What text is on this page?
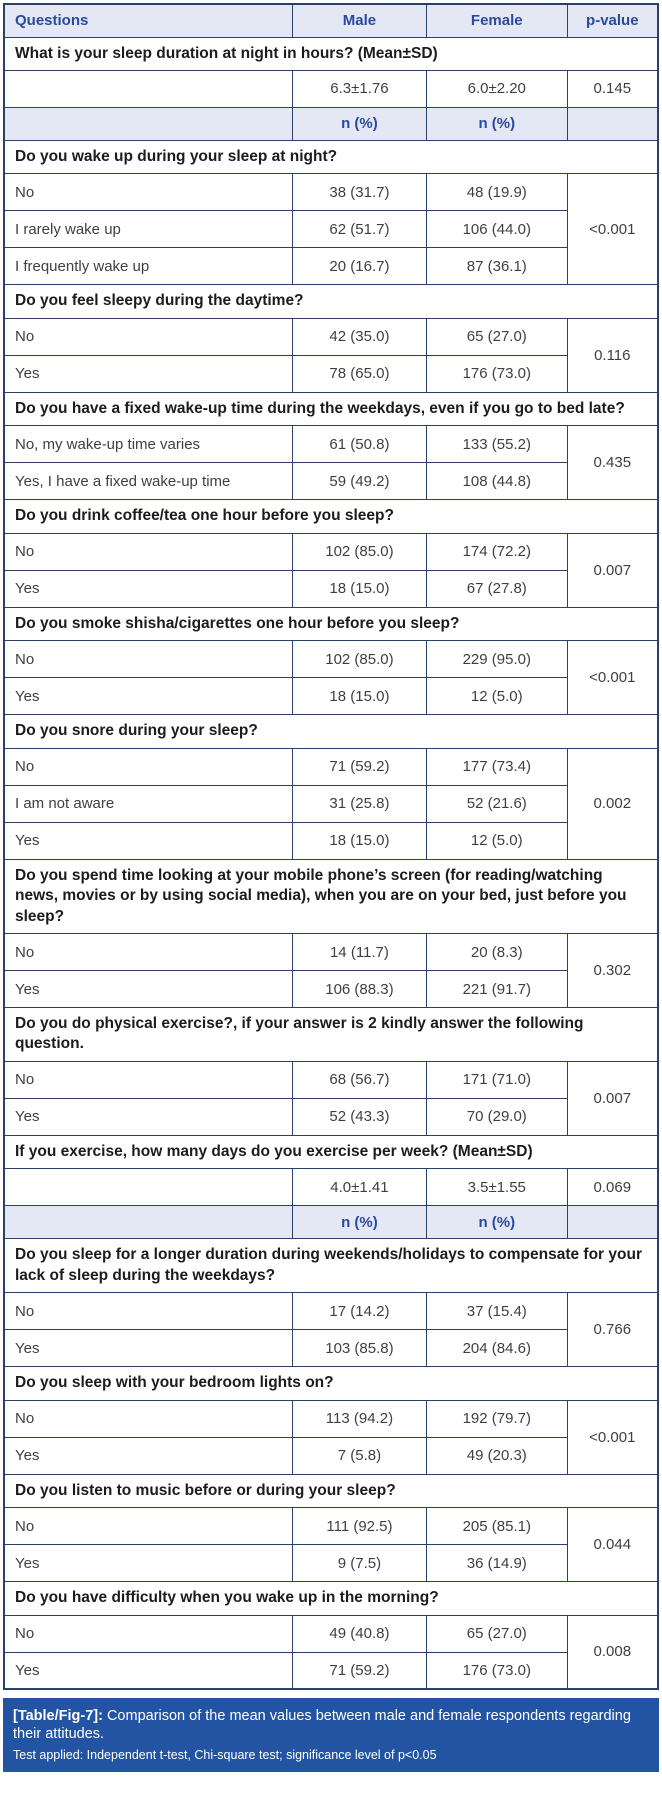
Questions	Male	Female	p-value
What is your sleep duration at night in hours? (Mean±SD)			
	6.3±1.76	6.0±2.20	0.145
	n (%)	n (%)	
Do you wake up during your sleep at night?			
No	38 (31.7)	48 (19.9)	<0.001
I rarely wake up	62 (51.7)	106 (44.0)	
I frequently wake up	20 (16.7)	87 (36.1)	
Do you feel sleepy during the daytime?			
No	42 (35.0)	65 (27.0)	0.116
Yes	78 (65.0)	176 (73.0)	
Do you have a fixed wake-up time during the weekdays, even if you go to bed late?			
No, my wake-up time varies	61 (50.8)	133 (55.2)	0.435
Yes, I have a fixed wake-up time	59 (49.2)	108 (44.8)	
Do you drink coffee/tea one hour before you sleep?			
No	102 (85.0)	174 (72.2)	0.007
Yes	18 (15.0)	67 (27.8)	
Do you smoke shisha/cigarettes one hour before you sleep?			
No	102 (85.0)	229 (95.0)	<0.001
Yes	18 (15.0)	12 (5.0)	
Do you snore during your sleep?			
No	71 (59.2)	177 (73.4)	0.002
I am not aware	31 (25.8)	52 (21.6)	
Yes	18 (15.0)	12 (5.0)	
Do you spend time looking at your mobile phone’s screen (for reading/watching news, movies or by using social media), when you are on your bed, just before you sleep?			
No	14 (11.7)	20 (8.3)	0.302
Yes	106 (88.3)	221 (91.7)	
Do you do physical exercise?, if your answer is 2 kindly answer the following question.			
No	68 (56.7)	171 (71.0)	0.007
Yes	52 (43.3)	70 (29.0)	
If you exercise, how many days do you exercise per week? (Mean±SD)			
	4.0±1.41	3.5±1.55	0.069
	n (%)	n (%)	
Do you sleep for a longer duration during weekends/holidays to compensate for your lack of sleep during the weekdays?			
No	17 (14.2)	37 (15.4)	0.766
Yes	103 (85.8)	204 (84.6)	
Do you sleep with your bedroom lights on?			
No	113 (94.2)	192 (79.7)	<0.001
Yes	7 (5.8)	49 (20.3)	
Do you listen to music before or during your sleep?			
No	111 (92.5)	205 (85.1)	0.044
Yes	9 (7.5)	36 (14.9)	
Do you have difficulty when you wake up in the morning?			
No	49 (40.8)	65 (27.0)	0.008
Yes	71 (59.2)	176 (73.0)	
[Table/Fig-7]: Comparison of the mean values between male and female respondents regarding their attitudes.
Test applied: Independent t-test, Chi-square test; significance level of p<0.05
